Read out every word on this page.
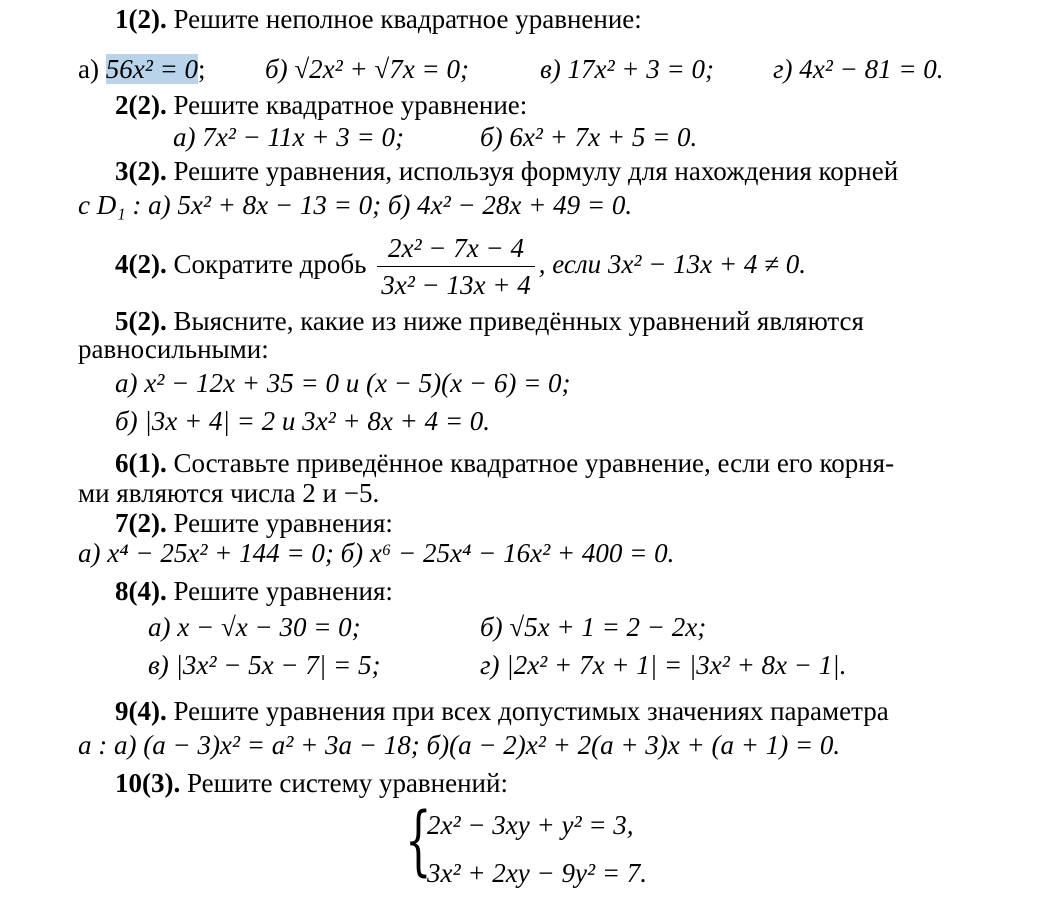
1(2). Решите неполное квадратное уравнение:
а) 56x² = 0; б) √2x² + √7x = 0;	в) 17x² + 3 = 0; г) 4x² − 81 = 0.
2(2). Решите квадратное уравнение:
а) 7x² − 11x + 3 = 0;	б) 6x² + 7x + 5 = 0.
3(2). Решите уравнения, используя формулу для нахождения корней
с D₁ : а) 5x² + 8x − 13 = 0; б) 4x² − 28x + 49 = 0.
4(2). Сократите дробь $\frac{\text{2x² − 7x − 4}}{\text{3x² − 13x + 4}}$ , если 3x² − 13x + 4 ≠ 0.
5(2). Выясните, какие из ниже приведённых уравнений являются
равносильными:
а) x² − 12x + 35 = 0 и (x − 5)(x − 6) = 0;
б) |3x + 4| = 2 и 3x² + 8x + 4 = 0.
6(1). Составьте приведённое квадратное уравнение, если его корня-
ми являются числа 2 и −5.
7(2). Решите уравнения:
а) x⁴ − 25x² + 144 = 0; б) x⁶ − 25x⁴ − 16x² + 400 = 0.
8(4). Решите уравнения:
а) x − √x − 30 = 0;	б) √5x + 1 = 2 − 2x;
в) |3x² − 5x − 7| = 5;	г) |2x² + 7x + 1| = |3x² + 8x − 1|.
9(4). Решите уравнения при всех допустимых значениях параметра
a : а) (a − 3)x² = a² + 3a − 18; б)(a − 2)x² + 2(a + 3)x + (a + 1) = 0.
10(3). Решите систему уравнений:
{
2x² − 3xy + y² = 3,
3x² + 2xy − 9y² = 7.
